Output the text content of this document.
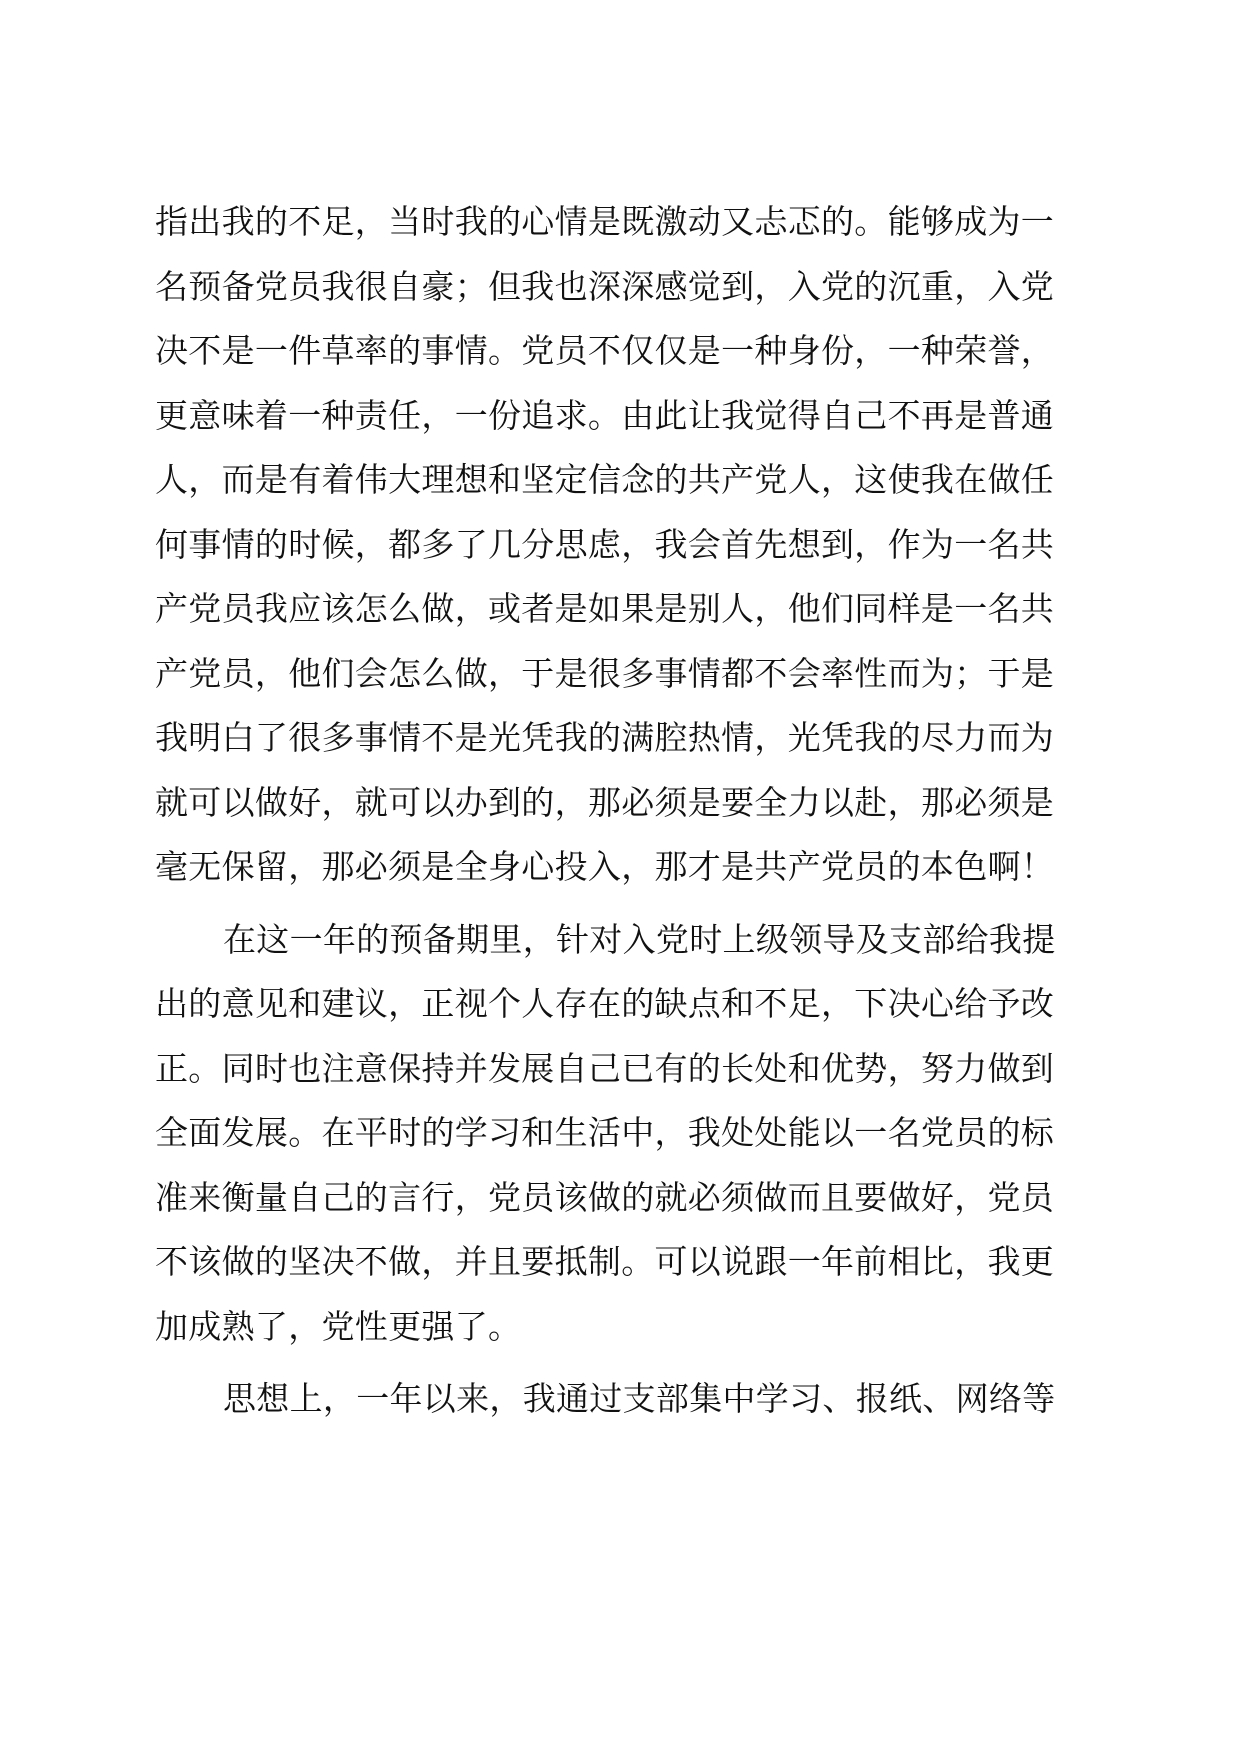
指出我的不足，当时我的心情是既激动又忐忑的。能够成为一
名预备党员我很自豪；但我也深深感觉到，入党的沉重，入党
决不是一件草率的事情。党员不仅仅是一种身份，一种荣誉，
更意味着一种责任，一份追求。由此让我觉得自己不再是普通
人，而是有着伟大理想和坚定信念的共产党人，这使我在做任
何事情的时候，都多了几分思虑，我会首先想到，作为一名共
产党员我应该怎么做，或者是如果是别人，他们同样是一名共
产党员，他们会怎么做，于是很多事情都不会率性而为；于是
我明白了很多事情不是光凭我的满腔热情，光凭我的尽力而为
就可以做好，就可以办到的，那必须是要全力以赴，那必须是
毫无保留，那必须是全身心投入，那才是共产党员的本色啊！
在这一年的预备期里，针对入党时上级领导及支部给我提
出的意见和建议，正视个人存在的缺点和不足，下决心给予改
正。同时也注意保持并发展自己已有的长处和优势，努力做到
全面发展。在平时的学习和生活中，我处处能以一名党员的标
准来衡量自己的言行，党员该做的就必须做而且要做好，党员
不该做的坚决不做，并且要抵制。可以说跟一年前相比，我更
加成熟了，党性更强了。
思想上，一年以来，我通过支部集中学习、报纸、网络等
